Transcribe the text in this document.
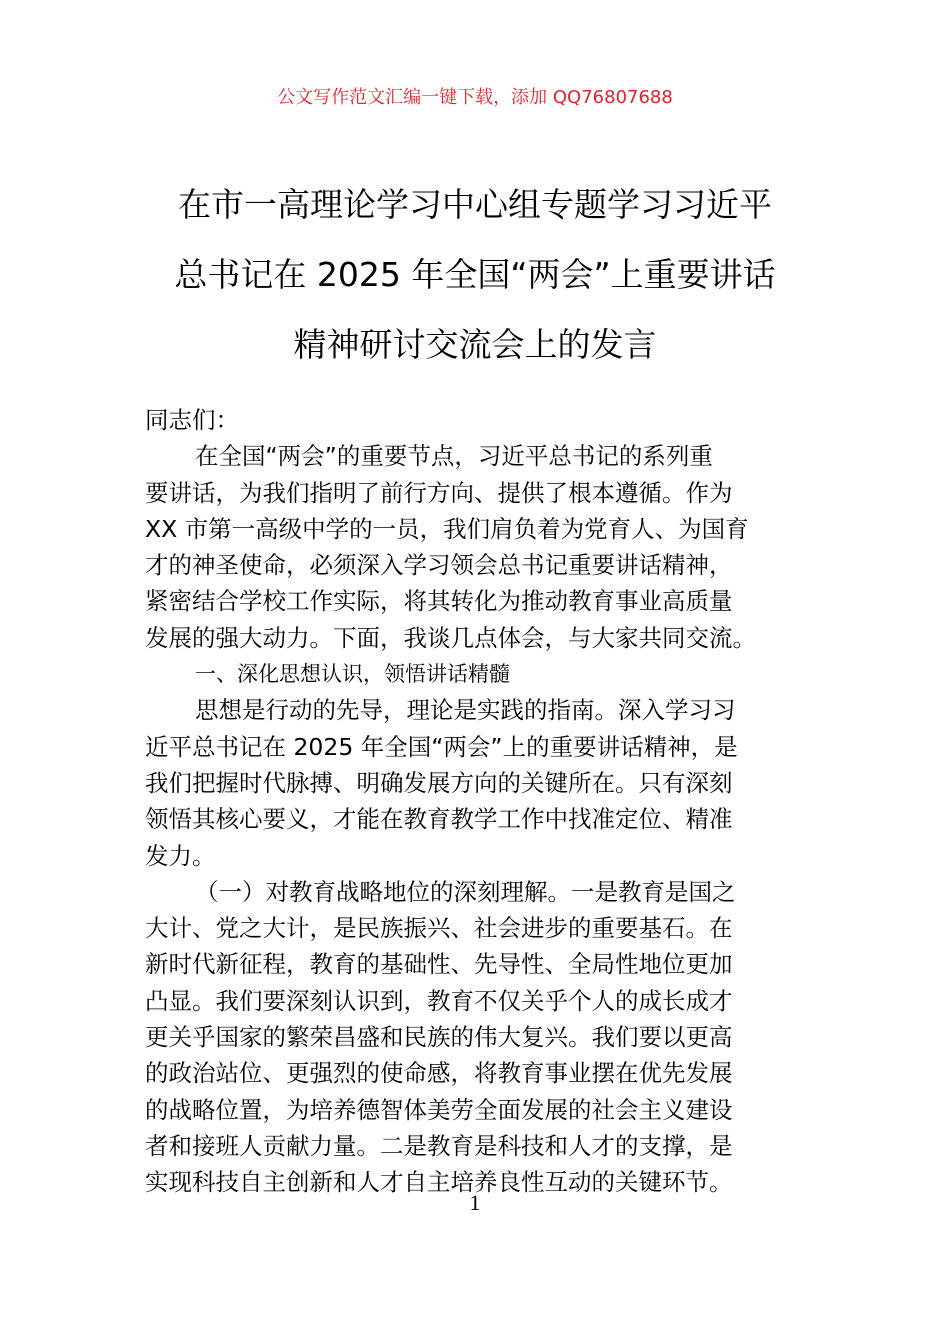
公文写作范文汇编一键下载，添加 QQ76807688
在市一高理论学习中心组专题学习习近平
总书记在 2025 年全国“两会”上重要讲话
精神研讨交流会上的发言
同志们：
在全国“两会”的重要节点，习近平总书记的系列重
要讲话，为我们指明了前行方向、提供了根本遵循。作为
XX 市第一高级中学的一员，我们肩负着为党育人、为国育
才的神圣使命，必须深入学习领会总书记重要讲话精神，
紧密结合学校工作实际，将其转化为推动教育事业高质量
发展的强大动力。下面，我谈几点体会，与大家共同交流。
一、深化思想认识，领悟讲话精髓
思想是行动的先导，理论是实践的指南。深入学习习
近平总书记在 2025 年全国“两会”上的重要讲话精神，是
我们把握时代脉搏、明确发展方向的关键所在。只有深刻
领悟其核心要义，才能在教育教学工作中找准定位、精准
发力。
（一）对教育战略地位的深刻理解。一是教育是国之
大计、党之大计，是民族振兴、社会进步的重要基石。在
新时代新征程，教育的基础性、先导性、全局性地位更加
凸显。我们要深刻认识到，教育不仅关乎个人的成长成才
更关乎国家的繁荣昌盛和民族的伟大复兴。我们要以更高
的政治站位、更强烈的使命感，将教育事业摆在优先发展
的战略位置，为培养德智体美劳全面发展的社会主义建设
者和接班人贡献力量。二是教育是科技和人才的支撑，是
实现科技自主创新和人才自主培养良性互动的关键环节。
1
